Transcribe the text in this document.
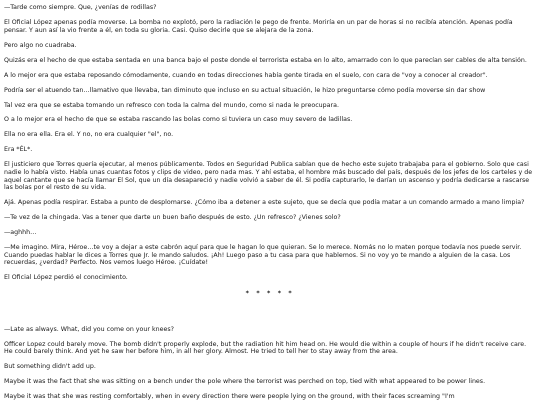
—Tarde como siempre. Que, ¿venías de rodillas?

El Oficial López apenas podía moverse. La bomba no explotó, pero la radiación le pego de frente. Moriría en un par de horas si no recibía atención. Apenas podía pensar. Y aun así la vio frente a él, en toda su gloria. Casi. Quiso decirle que se alejara de la zona.

Pero algo no cuadraba.

Quizás era el hecho de que estaba sentada en una banca bajo el poste donde el terrorista estaba en lo alto, amarrado con lo que parecían ser cables de alta tensión.

A lo mejor era que estaba reposando cómodamente, cuando en todas direcciones había gente tirada en el suelo, con cara de "voy a conocer al creador".

Podría ser el atuendo tan…llamativo que llevaba, tan diminuto que incluso en su actual situación, le hizo preguntarse cómo podía moverse sin dar show

Tal vez era que se estaba tomando un refresco con toda la calma del mundo, como si nada le preocupara.

O a lo mejor era el hecho de que se estaba rascando las bolas como si tuviera un caso muy severo de ladillas.

Ella no era ella. Era el. Y no, no era cualquier "el", no.

Era *ÉL*.

El justiciero que Torres quería ejecutar, al menos públicamente. Todos en Seguridad Publica sabían que de hecho este sujeto trabajaba para el gobierno. Solo que casi nadie lo había visto. Había unas cuantas fotos y clips de video, pero nada mas. Y ahí estaba, el hombre más buscado del país, después de los jefes de los carteles y de aquel cantante que se hacía llamar El Sol, que un día desapareció y nadie volvió a saber de él. Si podía capturarlo, le darían un ascenso y podría dedicarse a rascarse las bolas por el resto de su vida.

Ajá. Apenas podía respirar. Estaba a punto de desplomarse. ¿Cómo iba a detener a este sujeto, que se decía que podía matar a un comando armado a mano limpia?

—Te vez de la chingada. Vas a tener que darte un buen baño después de esto. ¿Un refresco? ¿Vienes solo?

—aghhh…

—Me imagino. Mira, Héroe…te voy a dejar a este cabrón aquí para que le hagan lo que quieran. Se lo merece. Nomás no lo maten porque todavía nos puede servir. Cuando puedas hablar le dices a Torres que Jr. le mando saludos. ¡Ah! Luego paso a tu casa para que hablemos. Si no voy yo te mando a alguien de la casa. Los recuerdas, ¿verdad? Perfecto. Nos vemos luego Héroe. ¡Cuídate!

El Oficial López perdió el conocimiento.

* * * * *

—Late as always. What, did you come on your knees?

Officer Lopez could barely move. The bomb didn't properly explode, but the radiation hit him head on. He would die within a couple of hours if he didn't receive care. He could barely think. And yet he saw her before him, in all her glory. Almost. He tried to tell her to stay away from the area.

But something didn't add up.

Maybe it was the fact that she was sitting on a bench under the pole where the terrorist was perched on top, tied with what appeared to be power lines.

Maybe it was that she was resting comfortably, when in every direction there were people lying on the ground, with their faces screaming "I'm
